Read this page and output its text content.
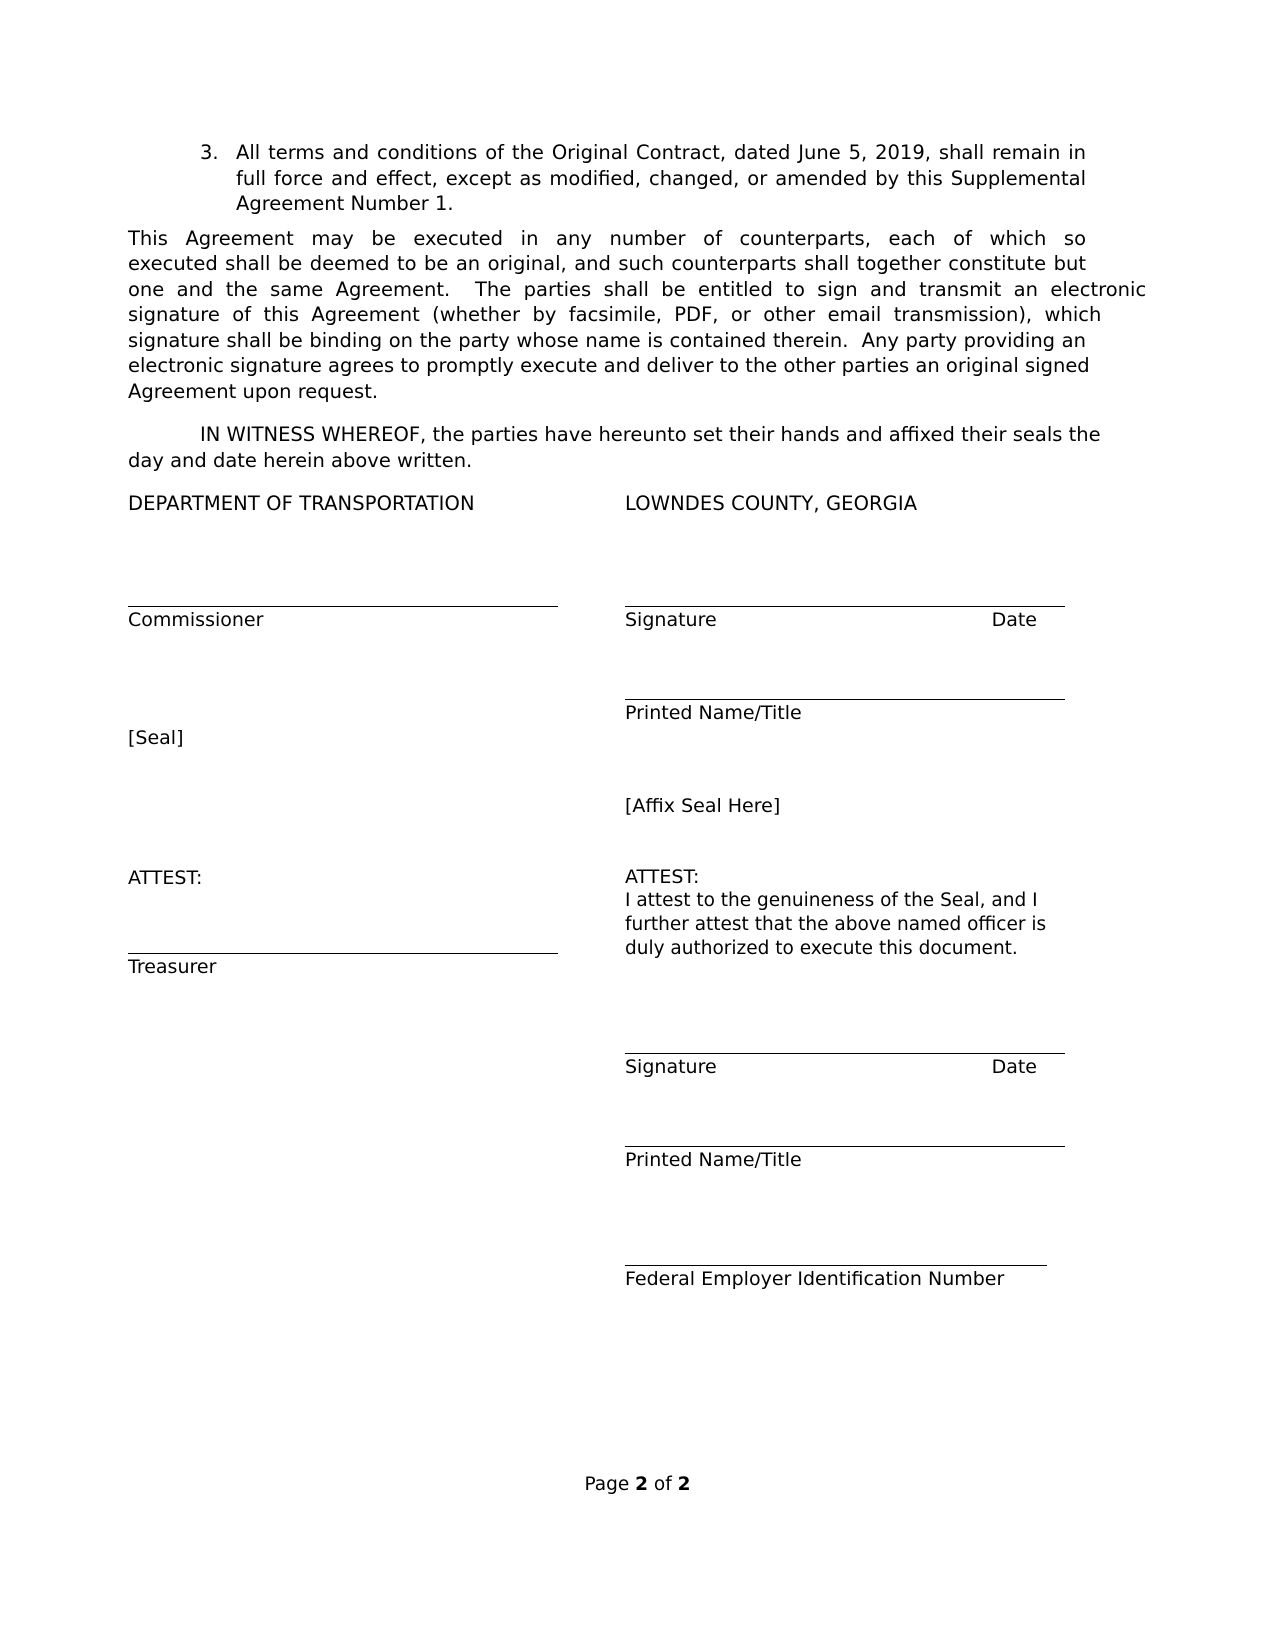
3. All terms and conditions of the Original Contract, dated June 5, 2019, shall remain in
full force and effect, except as modified, changed, or amended by this Supplemental
Agreement Number 1.
This  Agreement  may  be  executed  in  any  number  of  counterparts,  each  of  which  so
executed shall be deemed to be an original, and such counterparts shall together constitute but
one  and  the  same  Agreement.    The  parties  shall  be  entitled  to  sign  and  transmit  an  electronic
signature  of  this  Agreement  (whether  by  facsimile,  PDF,  or  other  email  transmission),  which
signature shall be binding on the party whose name is contained therein.  Any party providing an
electronic signature agrees to promptly execute and deliver to the other parties an original signed
Agreement upon request.
IN WITNESS WHEREOF, the parties have hereunto set their hands and affixed their seals the
day and date herein above written.
DEPARTMENT OF TRANSPORTATION
Commissioner
[Seal]
ATTEST:
Treasurer
LOWNDES COUNTY, GEORGIA
Signature	Date
Printed Name/Title
[Affix Seal Here]
ATTEST:
I attest to the genuineness of the Seal, and I
further attest that the above named officer is
duly authorized to execute this document.
Signature	Date
Printed Name/Title
Federal Employer Identification Number
Page 2 of 2
